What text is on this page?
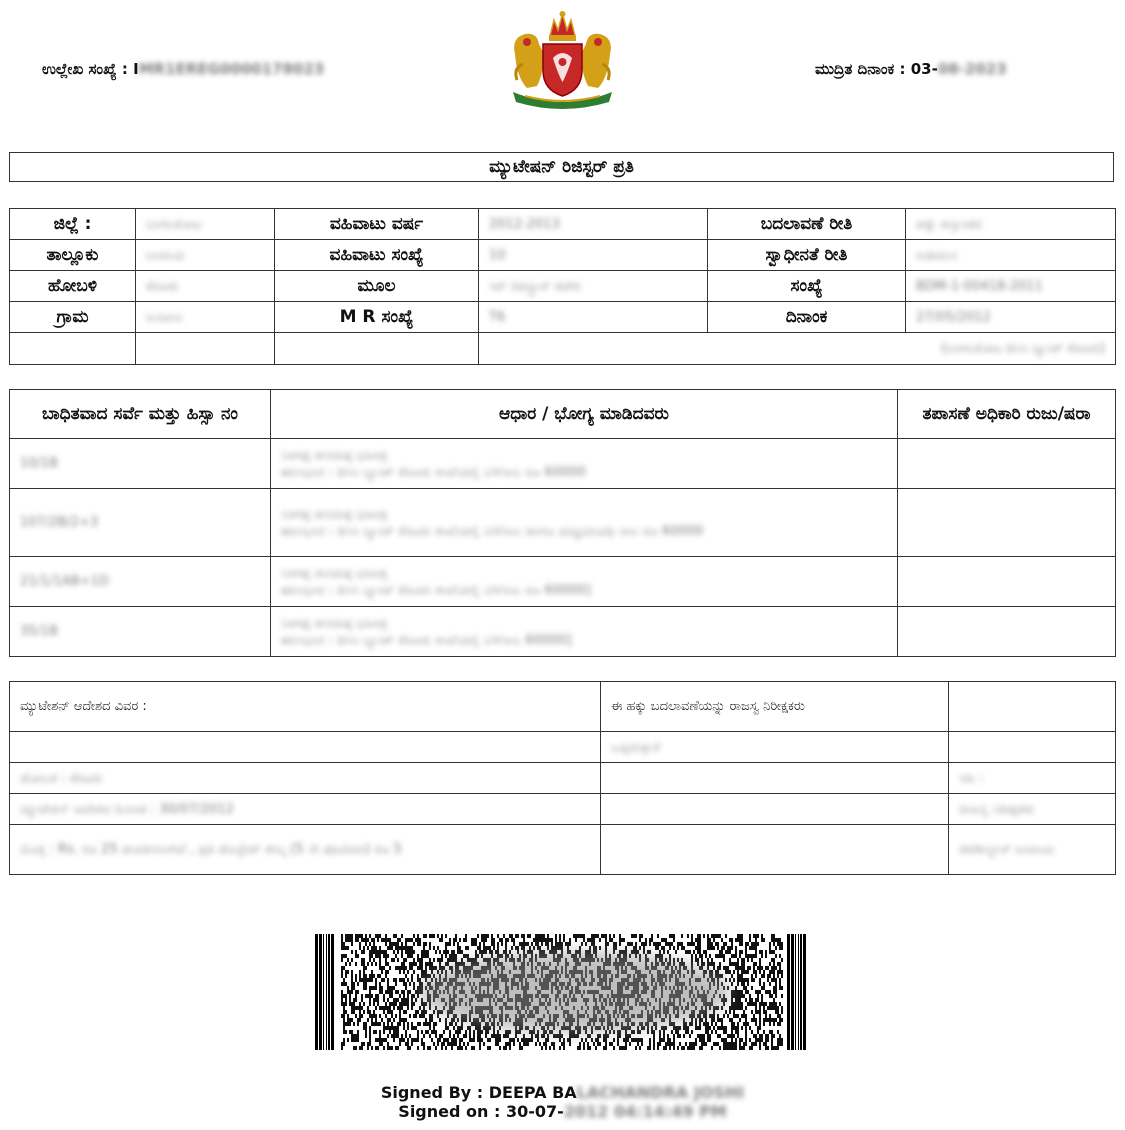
ಉಲ್ಲೇಖ ಸಂಖ್ಯೆ : IMR1EREG0000178023	ಮುದ್ರಿತ ದಿನಾಂಕ : 03-08-2023
ಮ್ಯುಟೇಷನ್ ರಿಜಿಸ್ಟರ್ ಪ್ರತಿ
ಜಿಲ್ಲೆ :	ಬಾಗಲಕೋಟ	ವಹಿವಾಟು ವರ್ಷ	2012-2013	ಬದಲಾವಣೆ ರೀತಿ	ಹಕ್ಕು ಹಸ್ತಾಂತರ
ತಾಲ್ಲೂಕು	ಬಾದಾಮಿ	ವಹಿವಾಟು ಸಂಖ್ಯೆ	10	ಸ್ವಾಧೀನತೆ ರೀತಿ	ಅಡಮಾನ
ಹೋಬಳಿ	ಕೆರೂರು	ಮೂಲ	ಸರ್ ರಿಜಿಸ್ಟ್ರಾರ್ ಕಚೇರಿ	ಸಂಖ್ಯೆ	BDM-1-00418-2011
ಗ್ರಾಮ	ಅನವಾಲ	M R ಸಂಖ್ಯೆ	T6	ದಿನಾಂಕ	27/05/2012
			(ಬಾಗಲಕೋಟ ಡಿಸಿಸಿ ಬ್ಯಾಂಕ್ ಕೆರೂರು)		
ಬಾಧಿತವಾದ ಸರ್ವೆ ಮತ್ತು ಹಿಸ್ಸಾ ನಂ	ಆಧಾರ / ಭೋಗ್ಯ ಮಾಡಿದವರು	ತಪಾಸಣೆ ಅಧಿಕಾರಿ ರುಜು/ಷರಾ
10/1B	ನಿಂಗಪ್ಪ ಹನಮಪ್ಪ ಭಜಂತ್ರಿ
ಋಣಭಾರ : ಡಿಸಿಸಿ ಬ್ಯಾಂಕ್ ಕೆರೂರು ಶಾಖೆಯಲ್ಲಿ ಬೆಳೆಸಾಲ ರೂ 60000	

107/2B/2+3	ನಿಂಗಪ್ಪ ಹನಮಪ್ಪ ಭಜಂತ್ರಿ
ಋಣಭಾರ : ಡಿಸಿಸಿ ಬ್ಯಾಂಕ್ ಕೆರೂರು ಶಾಖೆಯಲ್ಲಿ ಬೆಳೆಸಾಲ ಹಾಗೂ ಮಧ್ಯಮಾವಧಿ ಸಾಲ ರೂ 60000	

21/1/1AB+1D	ನಿಂಗಪ್ಪ ಹನಮಪ್ಪ ಭಜಂತ್ರಿ
ಋಣಭಾರ : ಡಿಸಿಸಿ ಬ್ಯಾಂಕ್ ಕೆರೂರು ಶಾಖೆಯಲ್ಲಿ ಬೆಳೆಸಾಲ ರೂ 60000]	

35/1B	ನಿಂಗಪ್ಪ ಹನಮಪ್ಪ ಭಜಂತ್ರಿ
ಋಣಭಾರ : ಡಿಸಿಸಿ ಬ್ಯಾಂಕ್ ಕೆರೂರು ಶಾಖೆಯಲ್ಲಿ ಬೆಳೆಸಾಲ 60000]	

ಮ್ಯುಟೇಶನ್ ಆದೇಶದ ವಿವರ :	ಈ ಹಕ್ಕು ಬದಲಾವಣೆಯನ್ನು ರಾಜಸ್ವ ನಿರೀಕ್ಷಕರು	
	ಒಪ್ಪಿರುತ್ತಾರೆ	
ಹೋಬಳಿ : ಕೆರೂರು		ಸಹಿ :
ಮ್ಯುಟೇಶನ್ ಆದೇಶದ ದಿನಾಂಕ : 30/07/2012		ರಾಜಸ್ವ ನಿರೀಕ್ಷಕರು
ಮೊತ್ತ : Rs. ರೂ 25 ಪಾವತಿಸಲಾಗಿದೆ , ಪ್ರತಿ ಹೊಸ್ಟೇಜ್ ಶುಲ್ಕ (5 ನೇ ಪುಟದಿಂದ) ರೂ 5		ತಹಶೀಲ್ದಾರ್ ಬಾದಾಮಿ
Signed By : DEEPA BALACHANDRA JOSHI
Signed on : 30-07-2012 04:14:49 PM
